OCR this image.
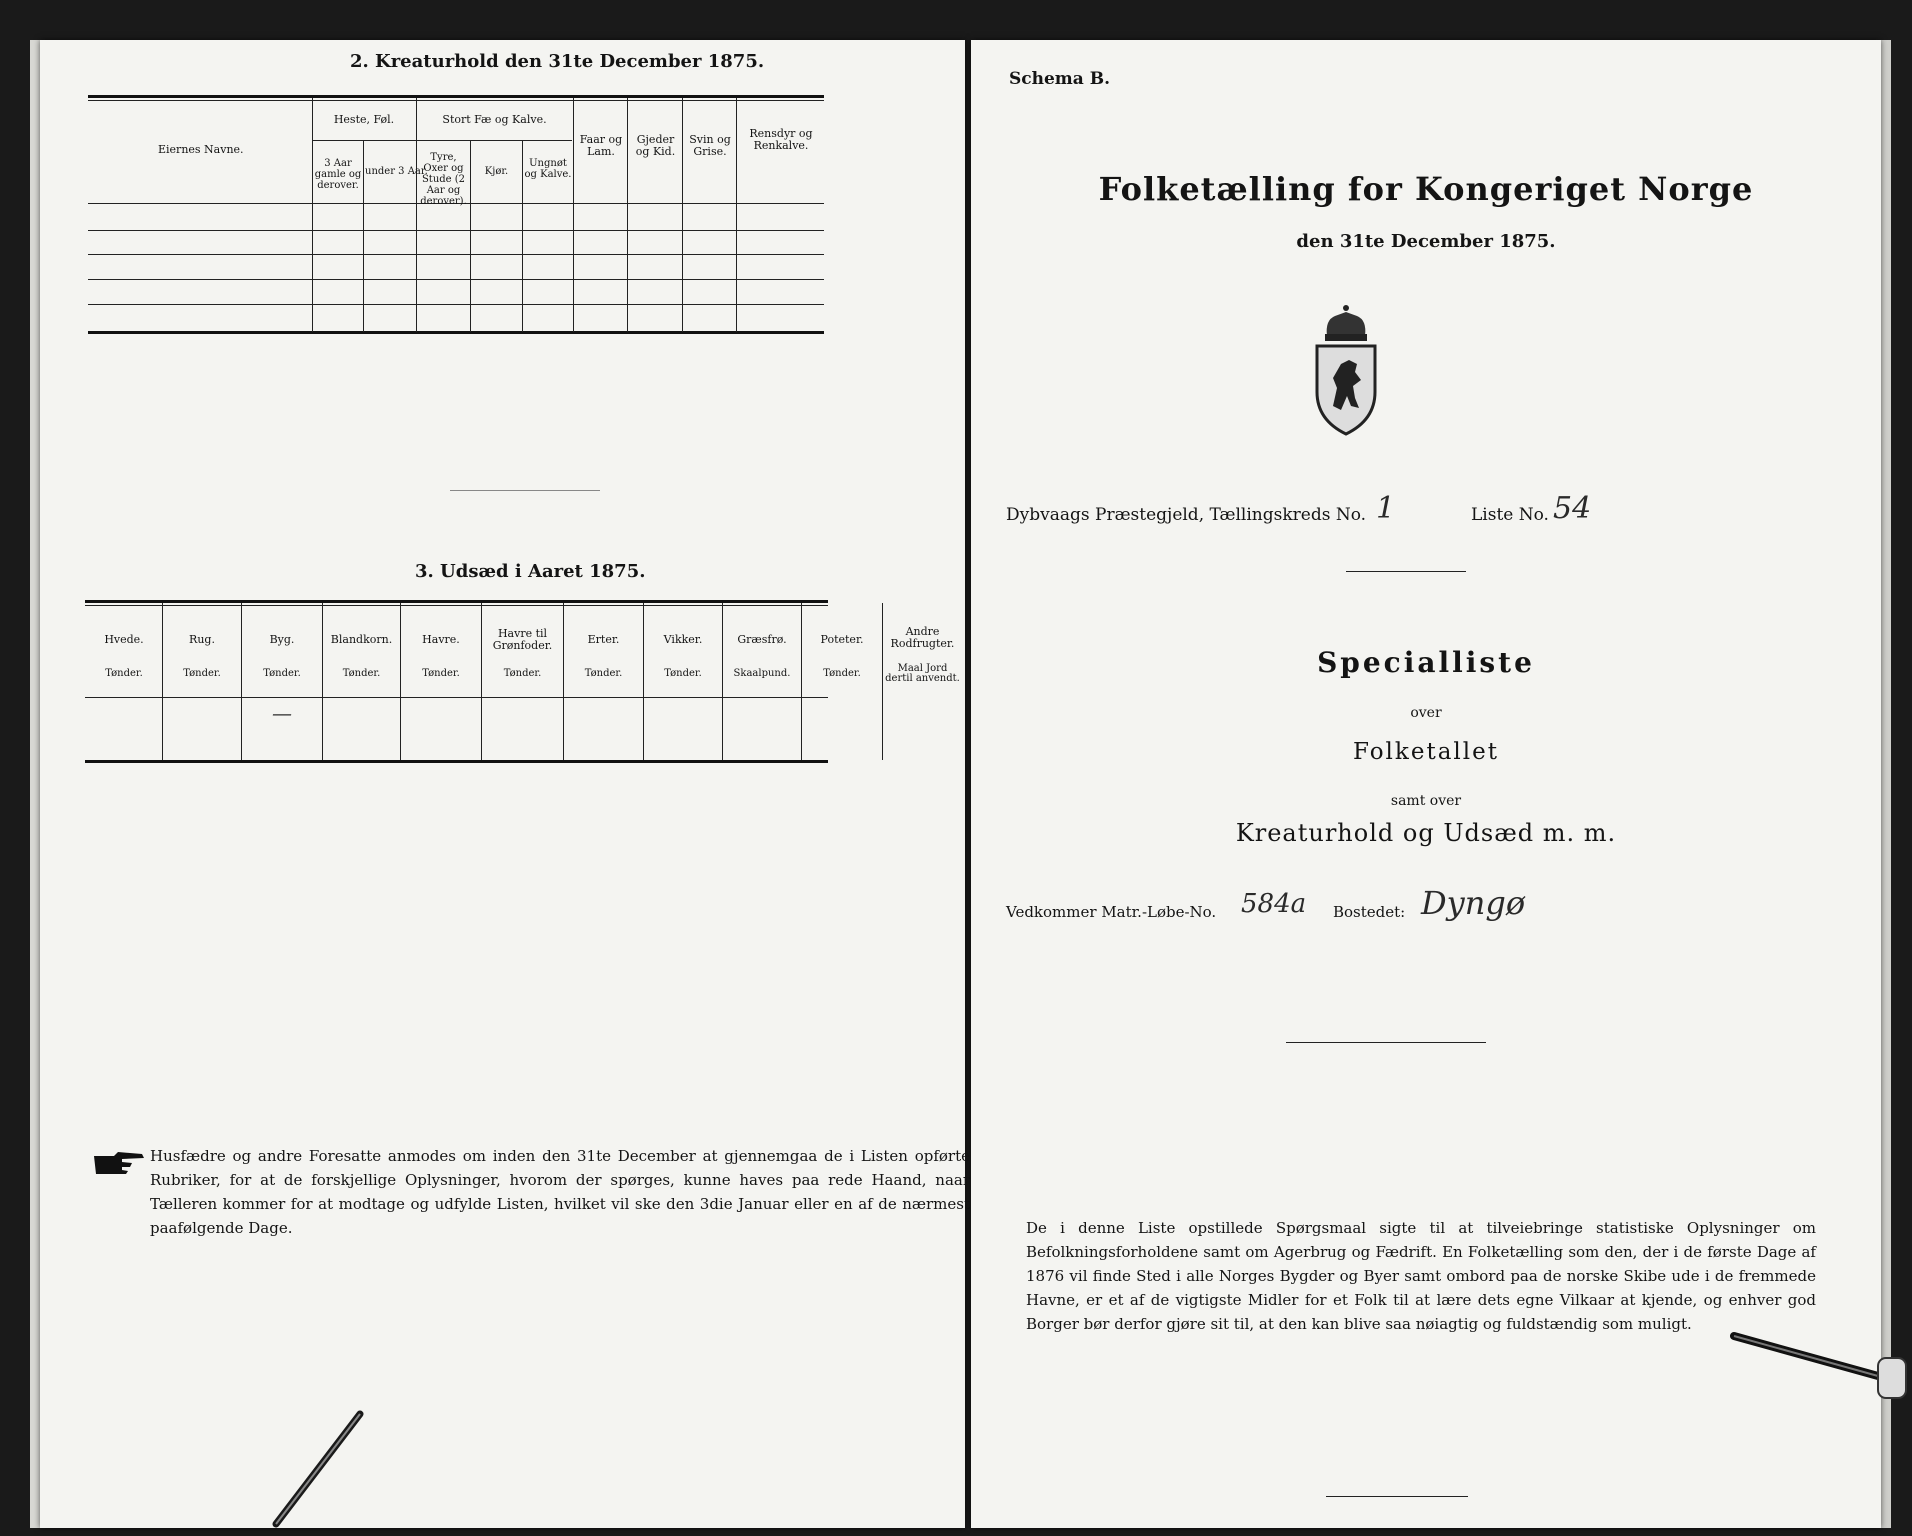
2. Kreaturhold den 31te December 1875.
Eiernes Navne.
Heste, Føl.	Stort Fæ og Kalve.
3 Aar gamle og derover.
under 3 Aar.
Tyre, Oxer og Stude (2 Aar og derover).
Kjør.
Ungnøt og Kalve.
Faar og Lam.
Gjeder og Kid.
Svin og Grise.
Rensdyr og Renkalve.
3. Udsæd i Aaret 1875.
Hvede.
Tønder.
Rug.
Tønder.
Byg.
Tønder.
Blandkorn.
Tønder.
Havre.
Tønder.
Havre til Grønfoder.
Tønder.
Erter.
Tønder.
Vikker.
Tønder.
Græsfrø.
Skaalpund.
Poteter.
Tønder.
Andre Rodfrugter.
Maal Jord dertil anvendt.
—
Husfædre og andre Foresatte anmodes om inden den 31te December at gjennemgaa de i Listen opførte Rubriker, for at de forskjellige Oplysninger, hvorom der spørges, kunne haves paa rede Haand, naar Tælleren kommer for at modtage og udfylde Listen, hvilket vil ske den 3die Januar eller en af de nærmest paafølgende Dage.
Schema B.
Folketælling for Kongeriget Norge
den 31te December 1875.
Dybvaags Præstegjeld, Tællingskreds No. 1	Liste No. 54
Specialliste
over
Folketallet
samt over
Kreaturhold og Udsæd m. m.
Vedkommer Matr.-Løbe-No. 584a Bostedet: Dyngø
De i denne Liste opstillede Spørgsmaal sigte til at tilveiebringe statistiske Oplysninger om Befolkningsforholdene samt om Agerbrug og Fædrift. En Folketælling som den, der i de første Dage af 1876 vil finde Sted i alle Norges Bygder og Byer samt ombord paa de norske Skibe ude i de fremmede Havne, er et af de vigtigste Midler for et Folk til at lære dets egne Vilkaar at kjende, og enhver god Borger bør derfor gjøre sit til, at den kan blive saa nøiagtig og fuldstændig som muligt.
